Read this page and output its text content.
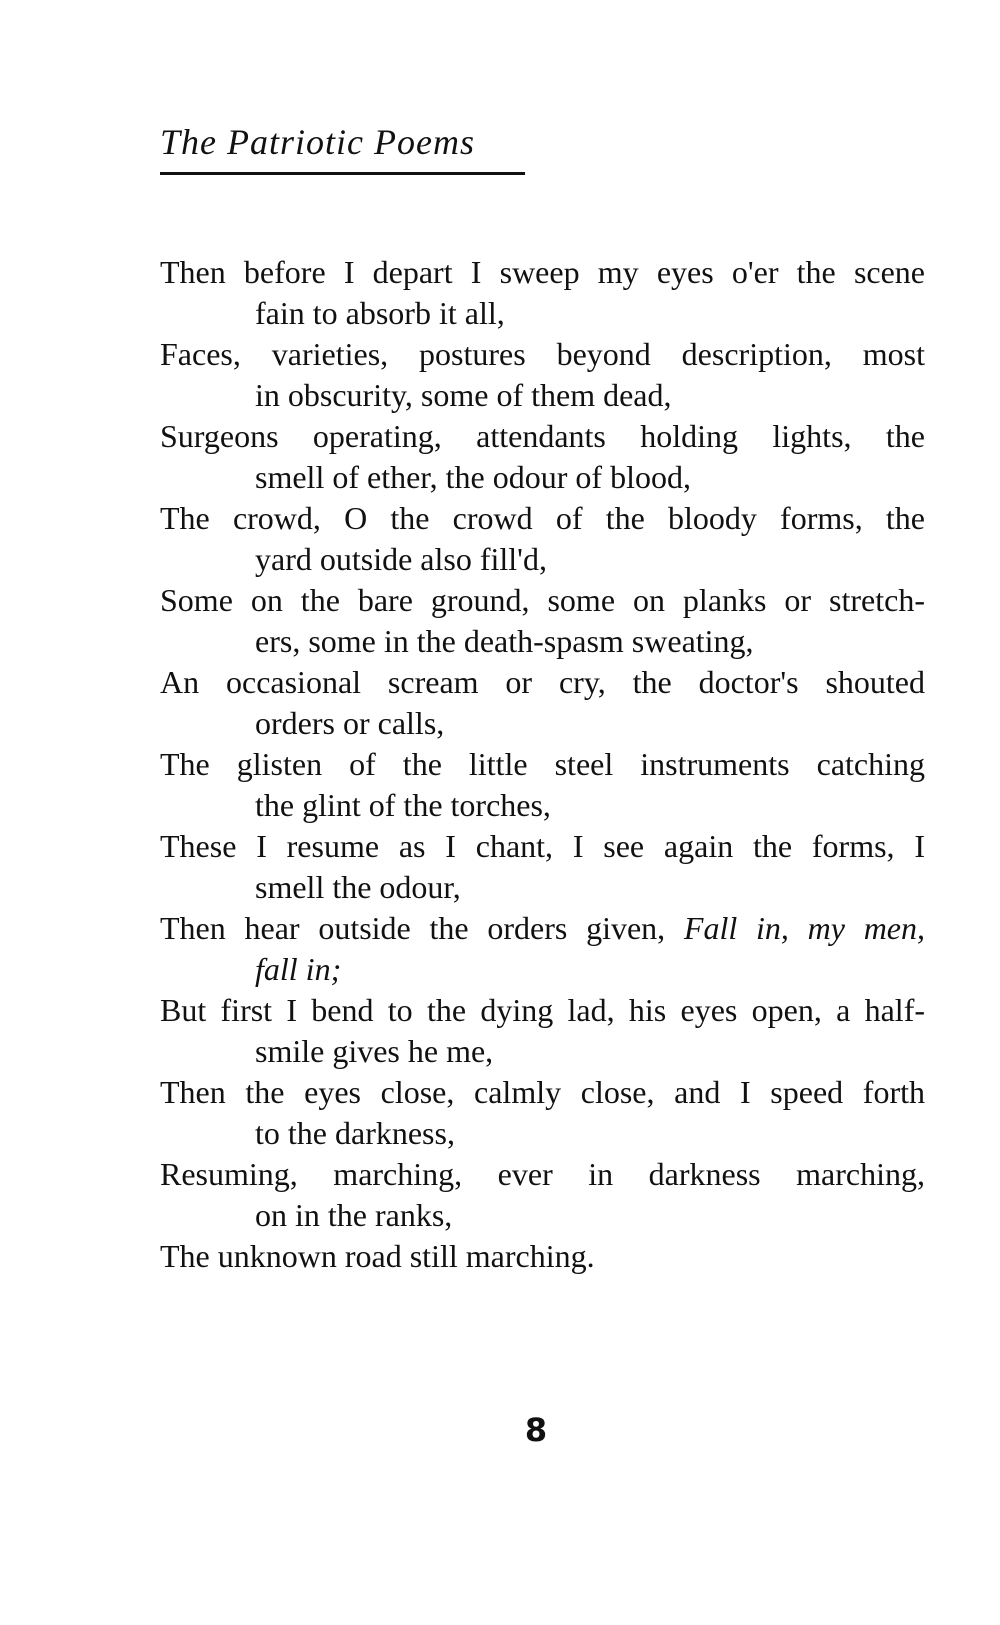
The Patriotic Poems

Then before I depart I sweep my eyes o'er the scene
fain to absorb it all,

Faces, varieties, postures beyond description, most
in obscurity, some of them dead,

Surgeons operating, attendants holding lights, the
smell of ether, the odour of blood,

The crowd, O the crowd of the bloody forms, the
yard outside also fill'd,

Some on the bare ground, some on planks or stretch-
ers, some in the death-spasm sweating,

An occasional scream or cry, the doctor's shouted
orders or calls,

The glisten of the little steel instruments catching
the glint of the torches,

These I resume as I chant, I see again the forms, I
smell the odour,

Then hear outside the orders given, Fall in, my men,
fall in;

But first I bend to the dying lad, his eyes open, a half-
smile gives he me,

Then the eyes close, calmly close, and I speed forth
to the darkness,

Resuming, marching, ever in darkness marching,
on in the ranks,

The unknown road still marching.

8
